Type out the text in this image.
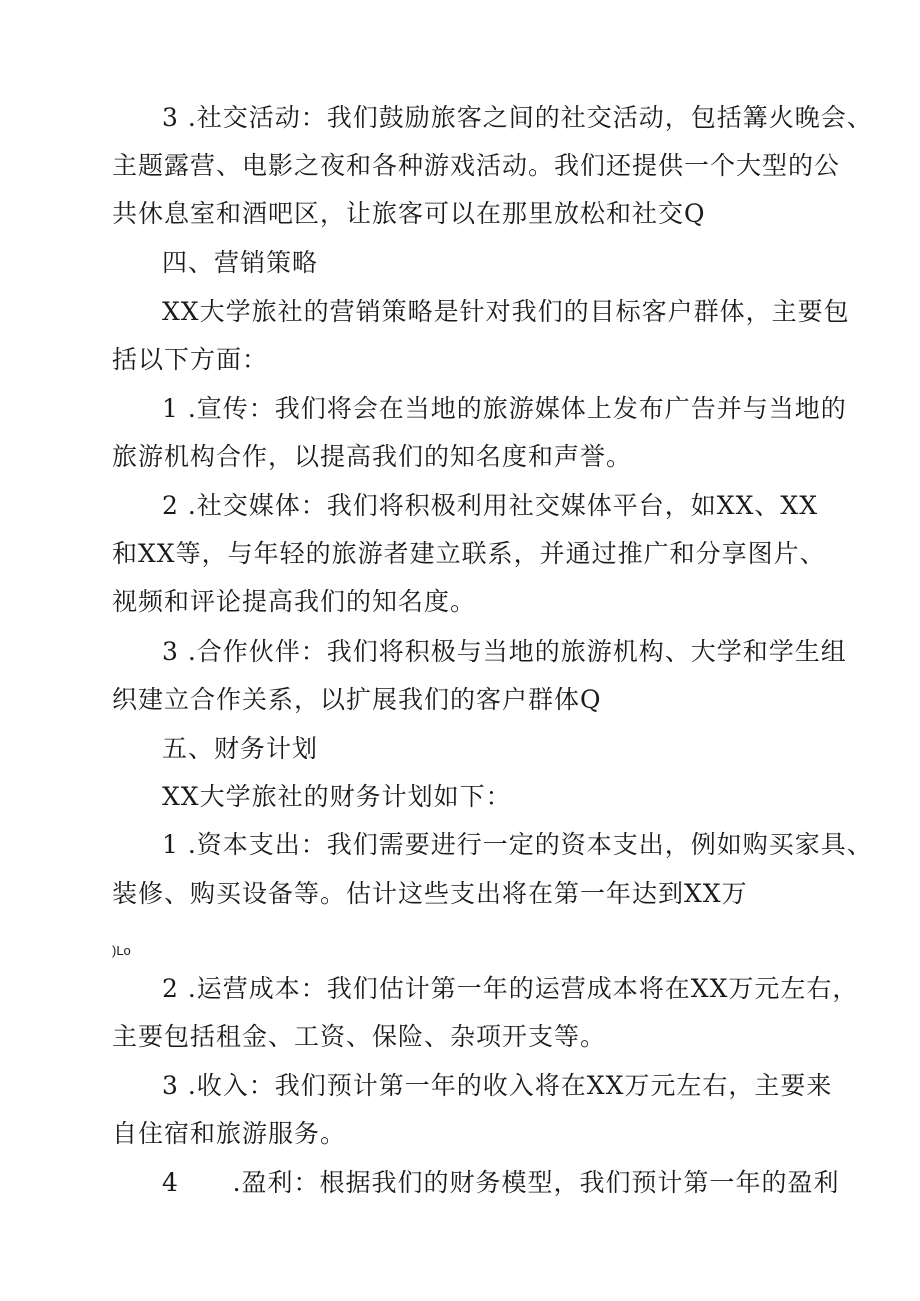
3 .社交活动：我们鼓励旅客之间的社交活动，包括篝火晚会、
主题露营、电影之夜和各种游戏活动。我们还提供一个大型的公
共休息室和酒吧区，让旅客可以在那里放松和社交Q
四、营销策略
XX大学旅社的营销策略是针对我们的目标客户群体，主要包
括以下方面：
1 .宣传：我们将会在当地的旅游媒体上发布广告并与当地的
旅游机构合作，以提高我们的知名度和声誉。
2 .社交媒体：我们将积极利用社交媒体平台，如XX、XX
和XX等，与年轻的旅游者建立联系，并通过推广和分享图片、
视频和评论提高我们的知名度。
3 .合作伙伴：我们将积极与当地的旅游机构、大学和学生组
织建立合作关系，以扩展我们的客户群体Q
五、财务计划
XX大学旅社的财务计划如下：
1 .资本支出：我们需要进行一定的资本支出，例如购买家具、
装修、购买设备等。估计这些支出将在第一年达到XX万
)Lo
2 .运营成本：我们估计第一年的运营成本将在XX万元左右，
主要包括租金、工资、保险、杂项开支等。
3 .收入：我们预计第一年的收入将在XX万元左右，主要来
自住宿和旅游服务。
4      .盈利：根据我们的财务模型，我们预计第一年的盈利
